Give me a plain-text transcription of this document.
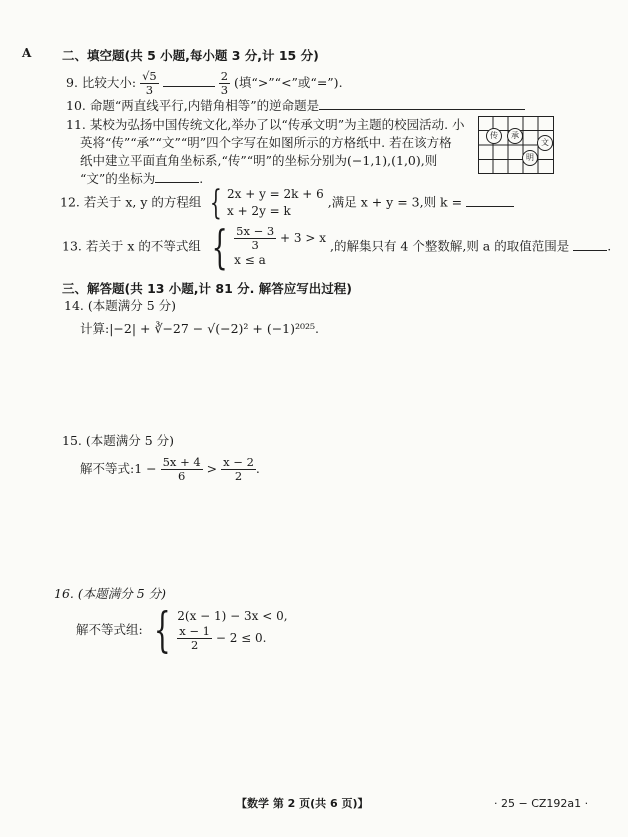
A 二、填空题(共 5 小题,每小题 3 分,计 15 分)
9. 比较大小: $\frac{√5}{3}$
	$\frac{2}{3}$ (填“>”“<”或“=”).
10. 命题“两直线平行,内错角相等”的逆命题是
11. 某校为弘扬中国传统文化,举办了以“传承文明”为主题的校园活动. 小
英将“传”“承”“文”“明”四个字写在如图所示的方格纸中. 若在该方格
纸中建立平面直角坐标系,“传”“明”的坐标分别为(−1,1),(1,0),则
“文”的坐标为	.
传	承
文
明
12. 若关于 x, y 的方程组 { 2x + y = 2k + 6
x + 2y = k
,满足 x + y = 3,则 k =
13. 若关于 x 的不等式组 { $\frac{5x - 3}{3} + 3 > x$
x ≤ a
,的解集只有 4 个整数解,则 a 的取值范围是	.
三、解答题(共 13 小题,计 81 分. 解答应写出过程)
14. (本题满分 5 分)
计算:|−2| + ∛−27 − √(−2)² + (−1)²⁰²⁵.
15. (本题满分 5 分)
解不等式:1 − $\frac{5x + 4}{6} > \frac{x - 2}{2}$ .
16. (本题满分 5 分)
解不等式组: { 2(x − 1) − 3x < 0,
$\frac{x - 1}{2} - 2 \le 0$.
【数学 第 2 页(共 6 页)】	· 25 − CZ192a1 ·
